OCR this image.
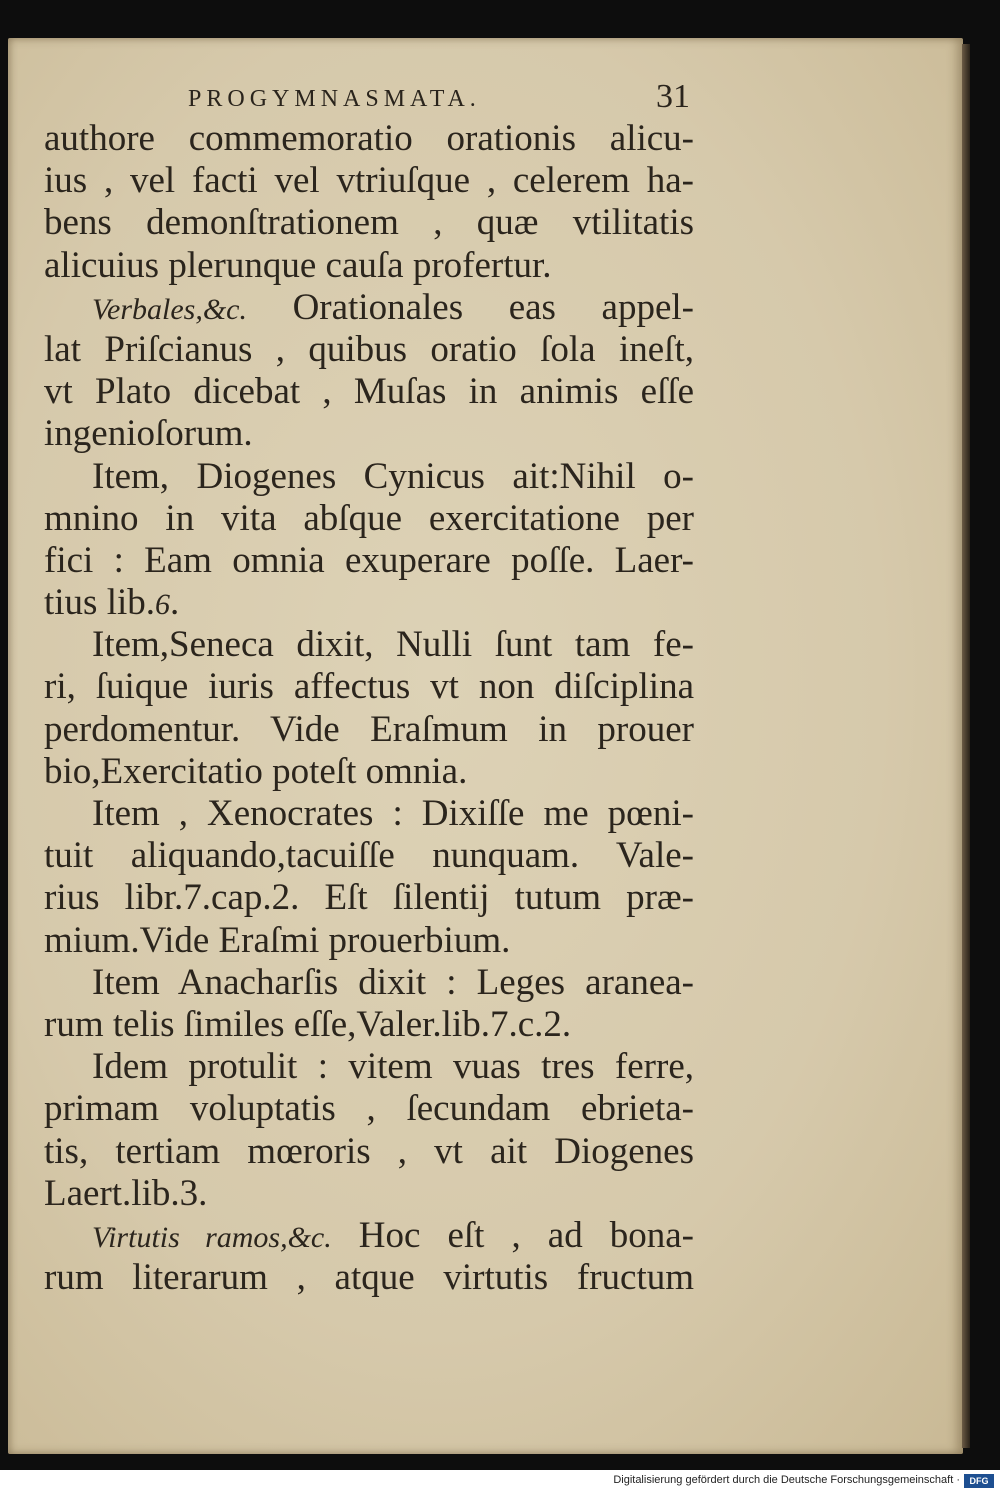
PROGYMNASMATA.	31
authore commemoratio orationis alicu-
ius , vel facti vel vtriuſque , celerem ha-
bens demonſtrationem , quæ vtilitatis
alicuius plerunque cauſa profertur.
Verbales,&c. Orationales eas appel-
lat Priſcianus , quibus oratio ſola ineſt,
vt Plato dicebat , Muſas in animis eſſe
ingenioſorum.
Item, Diogenes Cynicus ait:Nihil o-
mnino in vita abſque exercitatione per
fici : Eam omnia exuperare poſſe. Laer-
tius lib.6.
Item,Seneca dixit, Nulli ſunt tam fe-
ri, ſuique iuris affectus vt non diſciplina
perdomentur. Vide Eraſmum in prouer
bio,Exercitatio poteſt omnia.
Item , Xenocrates : Dixiſſe me pœni-
tuit aliquando,tacuiſſe nunquam. Vale-
rius libr.7.cap.2. Eſt ſilentij tutum præ-
mium.Vide Eraſmi prouerbium.
Item Anacharſis dixit : Leges aranea-
rum telis ſimiles eſſe,Valer.lib.7.c.2.
Idem protulit : vitem vuas tres ferre,
primam voluptatis , ſecundam ebrieta-
tis, tertiam mœroris , vt ait Diogenes
Laert.lib.3.
Virtutis ramos,&c. Hoc eſt , ad bona-
rum literarum , atque virtutis fructum
Digitalisierung gefördert durch die Deutsche Forschungsgemeinschaft ·	DFG
